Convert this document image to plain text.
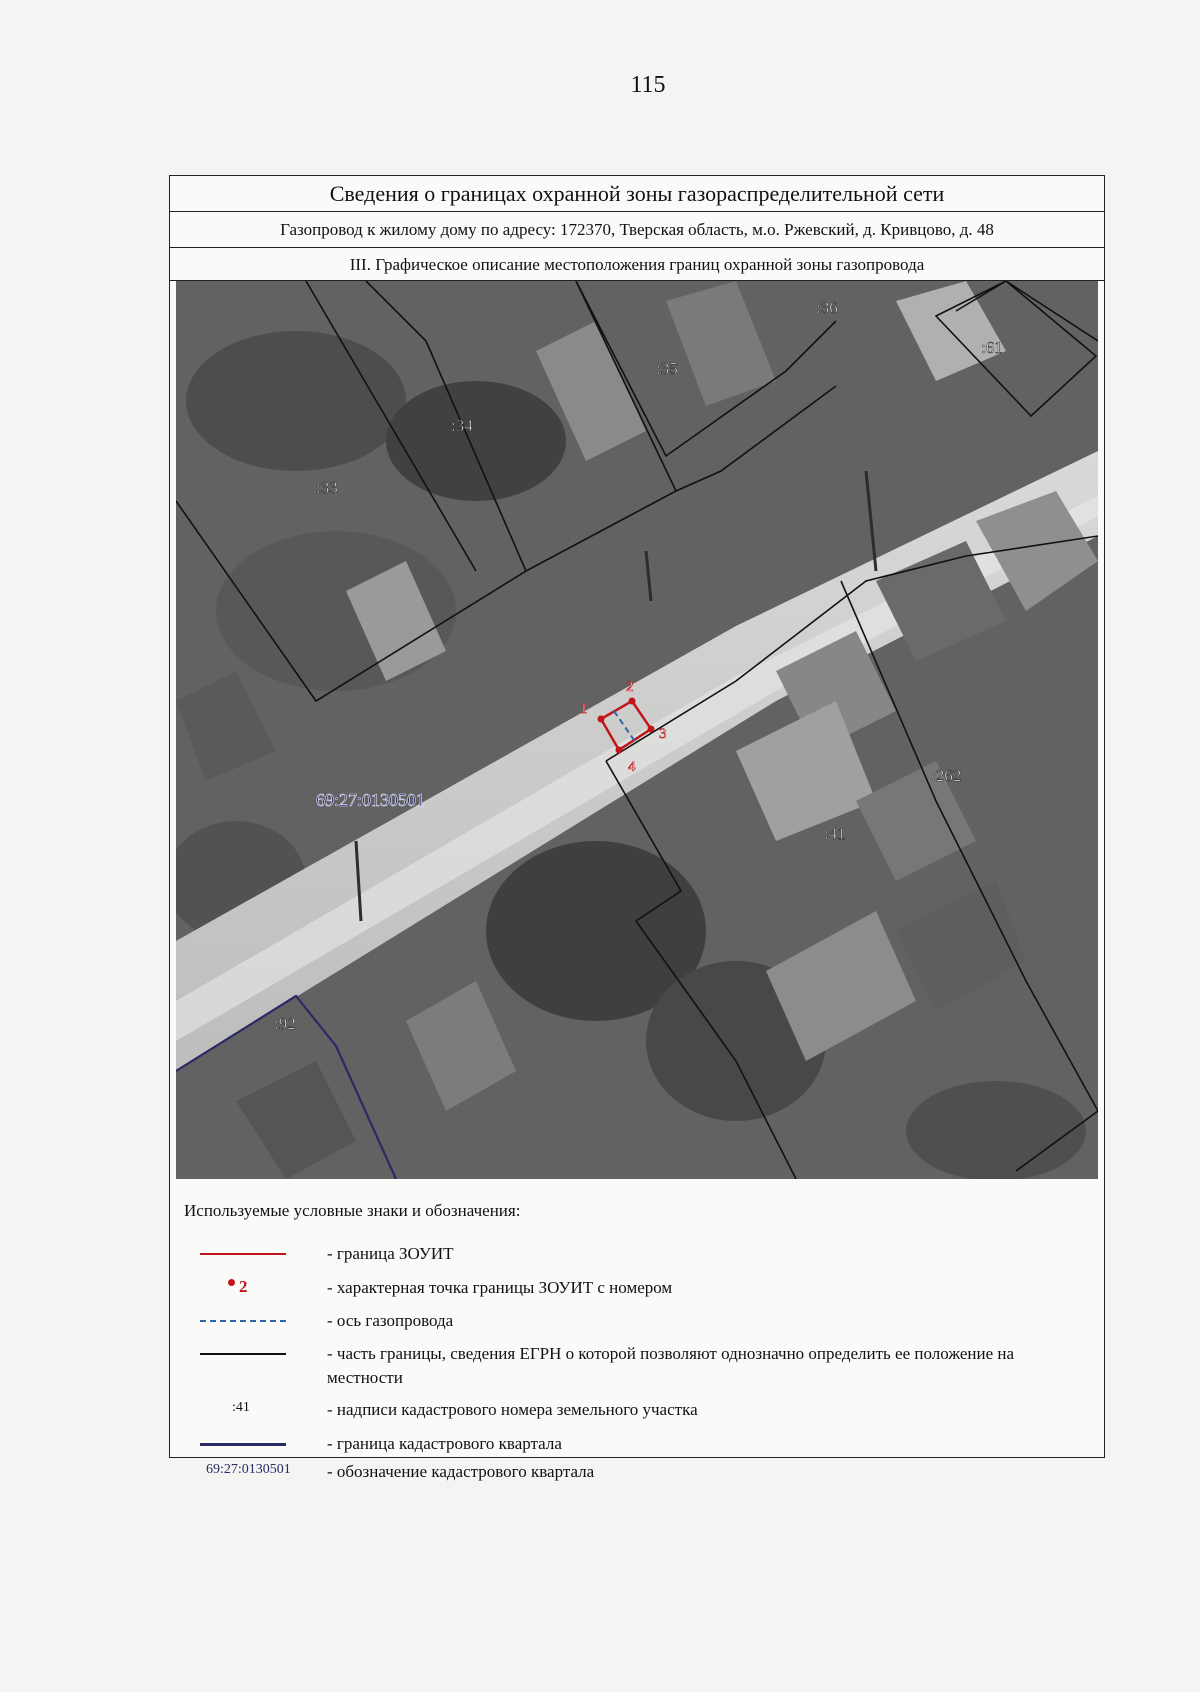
115
Сведения о границах охранной зоны газораспределительной сети
Газопровод к жилому дому по адресу: 172370, Тверская область, м.о. Ржевский, д. Кривцово, д. 48
III. Графическое описание местоположения границ охранной зоны газопровода
1
2
3
4
:33
:34
:35
:36
:61
:262
:41
:92
69:27:0130501
Используемые условные знаки и обозначения:
- граница ЗОУИТ
2	- характерная точка границы ЗОУИТ с номером
- ось газопровода
- часть границы, сведения ЕГРН о которой позволяют однозначно определить ее положение на местности
:41	- надписи кадастрового номера земельного участка
- граница кадастрового квартала
69:27:0130501 - обозначение кадастрового квартала
